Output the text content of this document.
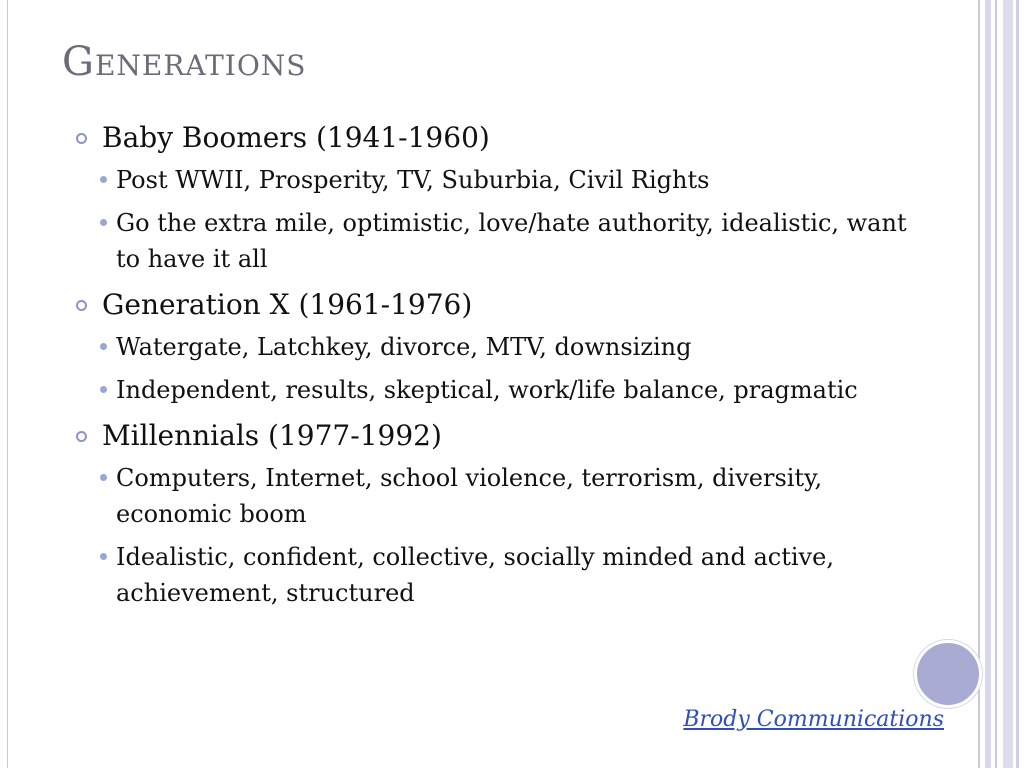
Generations
Baby Boomers (1941-1960)
Post WWII, Prosperity, TV, Suburbia, Civil Rights
Go the extra mile, optimistic, love/hate authority, idealistic, want to have it all
Generation X (1961-1976)
Watergate, Latchkey, divorce, MTV, downsizing
Independent, results, skeptical, work/life balance, pragmatic
Millennials (1977-1992)
Computers, Internet, school violence, terrorism, diversity, economic boom
Idealistic, confident, collective, socially minded and active, achievement, structured
Brody Communications
